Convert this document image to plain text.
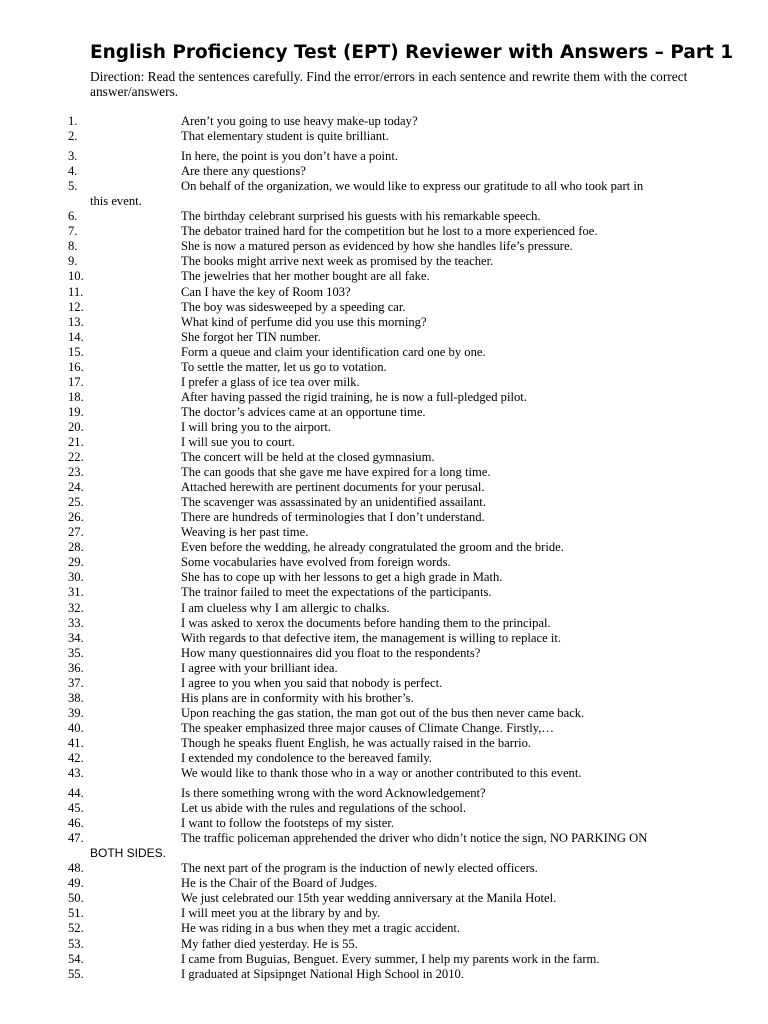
English Proficiency Test (EPT) Reviewer with Answers – Part 1
Direction: Read the sentences carefully. Find the error/errors in each sentence and rewrite them with the correct answer/answers.
1.	Aren’t you going to use heavy make-up today?
2.	That elementary student is quite brilliant.
3.	In here, the point is you don’t have a point.
4.	Are there any questions?
5.	On behalf of the organization, we would like to express our gratitude to all who took part in
this event.
6.	The birthday celebrant surprised his guests with his remarkable speech.
7.	The debator trained hard for the competition but he lost to a more experienced foe.
8.	She is now a matured person as evidenced by how she handles life’s pressure.
9.	The books might arrive next week as promised by the teacher.
10.	The jewelries that her mother bought are all fake.
11.	Can I have the key of Room 103?
12.	The boy was sidesweeped by a speeding car.
13.	What kind of perfume did you use this morning?
14.	She forgot her TIN number.
15.	Form a queue and claim your identification card one by one.
16.	To settle the matter, let us go to votation.
17.	I prefer a glass of ice tea over milk.
18.	After having passed the rigid training, he is now a full-pledged pilot.
19.	The doctor’s advices came at an opportune time.
20.	I will bring you to the airport.
21.	I will sue you to court.
22.	The concert will be held at the closed gymnasium.
23.	The can goods that she gave me have expired for a long time.
24.	Attached herewith are pertinent documents for your perusal.
25.	The scavenger was assassinated by an unidentified assailant.
26.	There are hundreds of terminologies that I don’t understand.
27.	Weaving is her past time.
28.	Even before the wedding, he already congratulated the groom and the bride.
29.	Some vocabularies have evolved from foreign words.
30.	She has to cope up with her lessons to get a high grade in Math.
31.	The trainor failed to meet the expectations of the participants.
32.	I am clueless why I am allergic to chalks.
33.	I was asked to xerox the documents before handing them to the principal.
34.	With regards to that defective item, the management is willing to replace it.
35.	How many questionnaires did you float to the respondents?
36.	I agree with your brilliant idea.
37.	I agree to you when you said that nobody is perfect.
38.	His plans are in conformity with his brother’s.
39.	Upon reaching the gas station, the man got out of the bus then never came back.
40.	The speaker emphasized three major causes of Climate Change. Firstly,…
41.	Though he speaks fluent English, he was actually raised in the barrio.
42.	I extended my condolence to the bereaved family.
43.	We would like to thank those who in a way or another contributed to this event.
44.	Is there something wrong with the word Acknowledgement?
45.	Let us abide with the rules and regulations of the school.
46.	I want to follow the footsteps of my sister.
47.	The traffic policeman apprehended the driver who didn’t notice the sign, NO PARKING ON
BOTH SIDES.
48.	The next part of the program is the induction of newly elected officers.
49.	He is the Chair of the Board of Judges.
50.	We just celebrated our 15th year wedding anniversary at the Manila Hotel.
51.	I will meet you at the library by and by.
52.	He was riding in a bus when they met a tragic accident.
53.	My father died yesterday. He is 55.
54.	I came from Buguias, Benguet. Every summer, I help my parents work in the farm.
55.	I graduated at Sipsipnget National High School in 2010.
